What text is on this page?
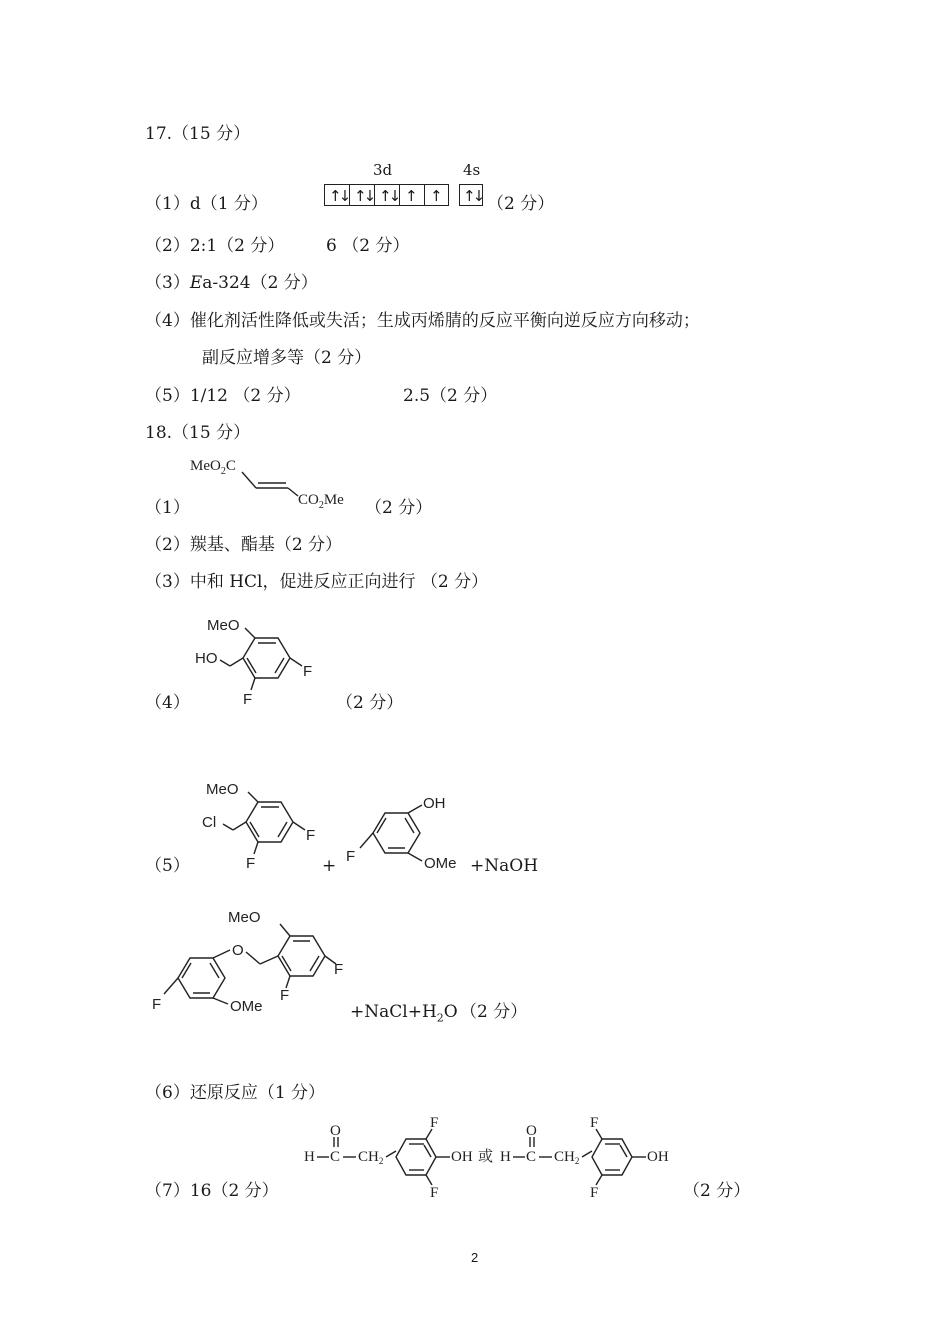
17.（15 分）
（1）d（1 分）
3d	4s
↑↓ ↑↓ ↑↓ ↑ ↑ ↑↓ （2 分）
（2）2:1（2 分） 6 （2 分）
（3）Ea-324（2 分）
（4）催化剂活性降低或失活；生成丙烯腈的反应平衡向逆反应方向移动；
副反应增多等（2 分）
（5）1/12 （2 分）	2.5（2 分）
18.（15 分）
（1）
MeO$_2$C
$CO_2Me$ （2 分）
（2）羰基、酯基（2 分）
（3）中和 HCl，促进反应正向进行 （2 分）
（4）
MeO
HO
F
F
（2 分）
（5）
MeO
Cl
F
F
+
OH
F	OMe +NaOH
F	OMe
O
MeO
F
F
$+NaCl+H_2O$ （2 分）
（6）还原反应（1 分）
（7）16（2 分）
H C
O
$CH_2$
F
F
OH 或 H C
O
$CH_2$
F
F
OH
（2 分）
2
